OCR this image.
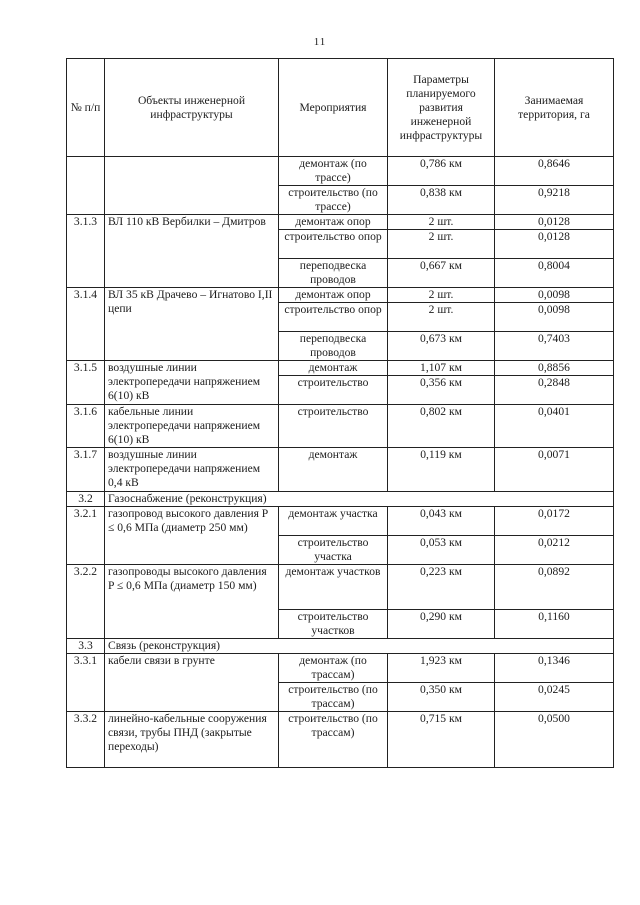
11
№ п/п	Объекты инженерной инфраструктуры	Мероприятия	Параметры планируемого развития инженерной инфраструктуры	Занимаемая территория, га
		демонтаж (по трассе)	0,786 км	0,8646
		строительство (по трассе)	0,838 км	0,9218
3.1.3	ВЛ 110 кВ Вербилки – Дмитров	демонтаж опор	2 шт.	0,0128
		строительство опор	2 шт.	0,0128
		переподвеска проводов	0,667 км	0,8004
3.1.4	ВЛ 35 кВ Драчево – Игнатово I,II цепи	демонтаж опор	2 шт.	0,0098
		строительство опор	2 шт.	0,0098
		переподвеска проводов	0,673 км	0,7403
3.1.5	воздушные линии электропередачи напряжением 6(10) кВ	демонтаж	1,107 км	0,8856
		строительство	0,356 км	0,2848
3.1.6	кабельные линии электропередачи напряжением 6(10) кВ	строительство	0,802 км	0,0401
3.1.7	воздушные линии электропередачи напряжением 0,4 кВ	демонтаж	0,119 км	0,0071
3.2	Газоснабжение (реконструкция)			
3.2.1	газопровод высокого давления P ≤ 0,6 МПа (диаметр 250 мм)	демонтаж участка	0,043 км	0,0172
		строительство участка	0,053 км	0,0212
3.2.2	газопроводы высокого давления P ≤ 0,6 МПа (диаметр 150 мм)	демонтаж участков	0,223 км	0,0892
		строительство участков	0,290 км	0,1160
3.3	Связь (реконструкция)			
3.3.1	кабели связи в грунте	демонтаж (по трассам)	1,923 км	0,1346
		строительство (по трассам)	0,350 км	0,0245
3.3.2	линейно-кабельные сооружения связи, трубы ПНД (закрытые переходы)	строительство (по трассам)	0,715 км	0,0500
